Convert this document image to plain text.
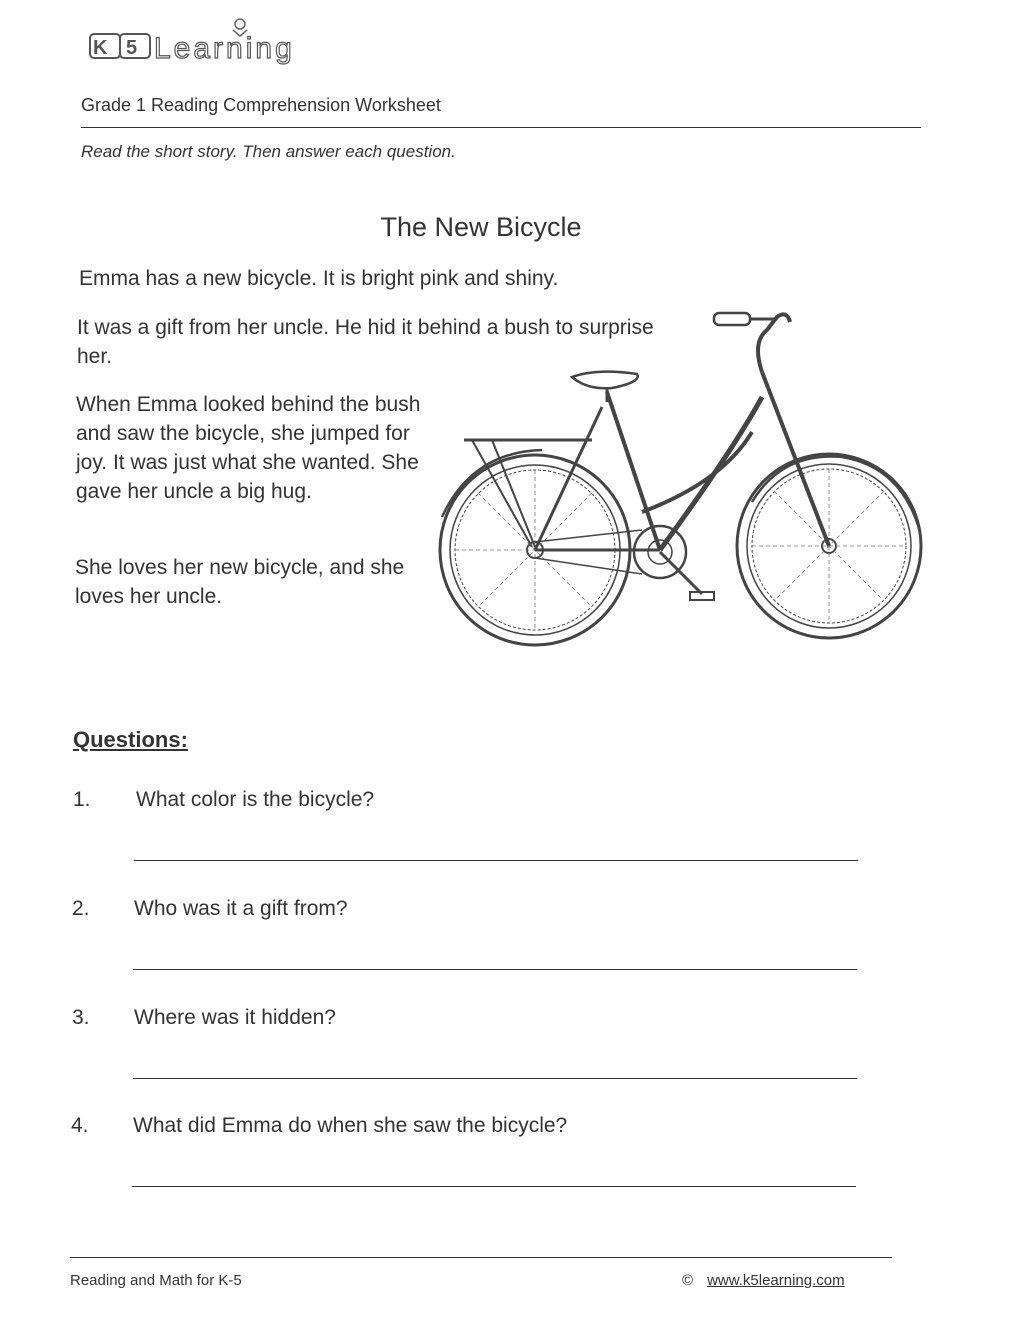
K 5 Learning
Grade 1 Reading Comprehension Worksheet
Read the short story. Then answer each question.
The New Bicycle
Emma has a new bicycle. It is bright pink and shiny.
It was a gift from her uncle. He hid it behind a bush to surprise her.
When Emma looked behind the bush and saw the bicycle, she jumped for joy. It was just what she wanted. She gave her uncle a big hug.
She loves her new bicycle, and she loves her uncle.
Questions:
1. What color is the bicycle?
2. Who was it a gift from?
3. Where was it hidden?
4. What did Emma do when she saw the bicycle?
Reading and Math for K-5	© www.k5learning.com
